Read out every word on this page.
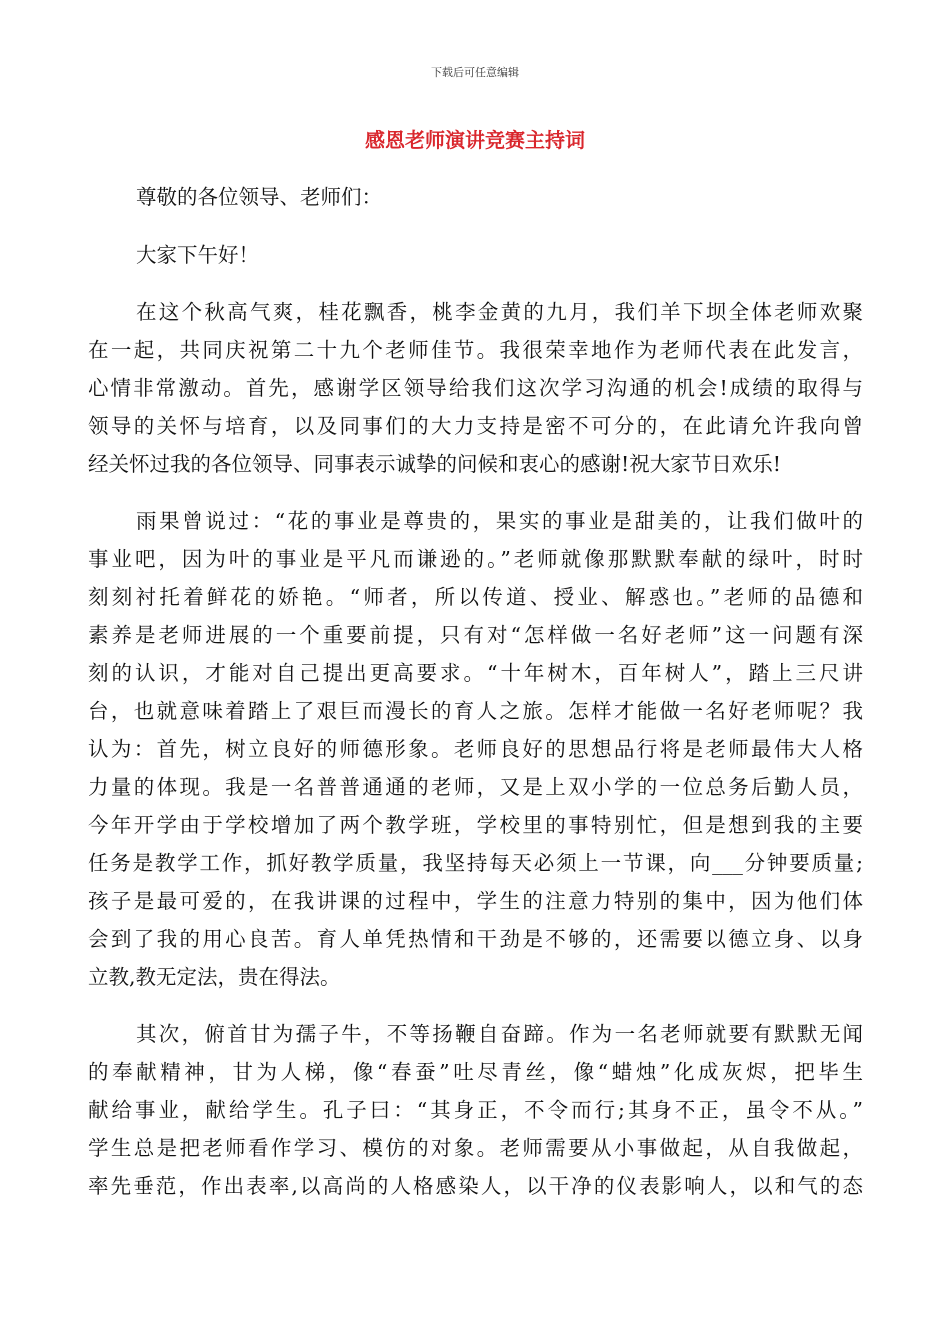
下载后可任意编辑
感恩老师演讲竞赛主持词
尊敬的各位领导、老师们：
大家下午好！
在这个秋高气爽，桂花飘香，桃李金黄的九月，我们羊下坝全体老师欢聚
在一起，共同庆祝第二十九个老师佳节。我很荣幸地作为老师代表在此发言，
心情非常激动。首先，感谢学区领导给我们这次学习沟通的机会!成绩的取得与
领导的关怀与培育，以及同事们的大力支持是密不可分的，在此请允许我向曾
经关怀过我的各位领导、同事表示诚挚的问候和衷心的感谢!祝大家节日欢乐!
雨果曾说过：“花的事业是尊贵的，果实的事业是甜美的，让我们做叶的
事业吧，因为叶的事业是平凡而谦逊的。”老师就像那默默奉献的绿叶，时时
刻刻衬托着鲜花的娇艳。“师者，所以传道、授业、解惑也。”老师的品德和
素养是老师进展的一个重要前提，只有对“怎样做一名好老师”这一问题有深
刻的认识，才能对自己提出更高要求。“十年树木，百年树人”，踏上三尺讲
台，也就意味着踏上了艰巨而漫长的育人之旅。怎样才能做一名好老师呢？我
认为：首先，树立良好的师德形象。老师良好的思想品行将是老师最伟大人格
力量的体现。我是一名普普通通的老师，又是上双小学的一位总务后勤人员，
今年开学由于学校增加了两个教学班，学校里的事特别忙，但是想到我的主要
任务是教学工作，抓好教学质量，我坚持每天必须上一节课，向___分钟要质量;
孩子是最可爱的，在我讲课的过程中，学生的注意力特别的集中，因为他们体
会到了我的用心良苦。育人单凭热情和干劲是不够的，还需要以德立身、以身
立教,教无定法，贵在得法。
其次，俯首甘为孺子牛，不等扬鞭自奋蹄。作为一名老师就要有默默无闻
的奉献精神，甘为人梯，像“春蚕”吐尽青丝，像“蜡烛”化成灰烬，把毕生
献给事业，献给学生。孔子曰：“其身正，不令而行;其身不正，虽令不从。”
学生总是把老师看作学习、模仿的对象。老师需要从小事做起，从自我做起，
率先垂范，作出表率,以高尚的人格感染人，以干净的仪表影响人，以和气的态
